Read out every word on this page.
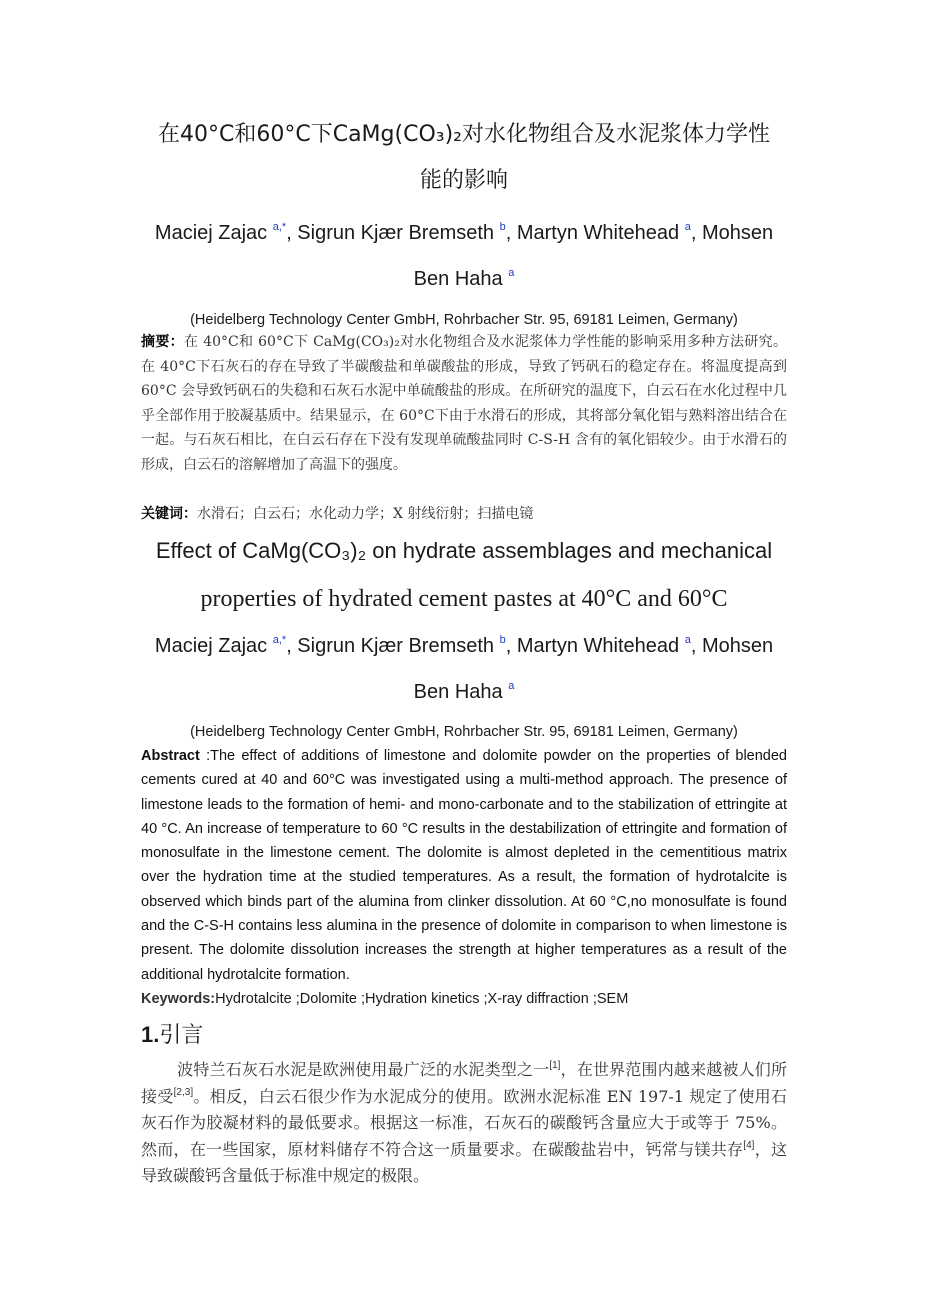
在40°C和60°C下CaMg(CO₃)₂对水化物组合及水泥浆体力学性
能的影响
Maciej Zajac $^{a,*}$, Sigrun Kjær Bremseth $^b$, Martyn Whitehead $^a$, Mohsen
Ben Haha $^a$
(Heidelberg Technology Center GmbH, Rohrbacher Str. 95, 69181 Leimen, Germany)
摘要：在 40°C和 60°C下 CaMg(CO₃)₂对水化物组合及水泥浆体力学性能的影响采用多种方法研究。在 40°C下石灰石的存在导致了半碳酸盐和单碳酸盐的形成，导致了钙矾石的稳定存在。将温度提高到 60°C 会导致钙矾石的失稳和石灰石水泥中单硫酸盐的形成。在所研究的温度下，白云石在水化过程中几乎全部作用于胶凝基质中。结果显示，在 60°C下由于水滑石的形成，其将部分氧化铝与熟料溶出结合在一起。与石灰石相比，在白云石存在下没有发现单硫酸盐同时 C-S-H 含有的氧化铝较少。由于水滑石的形成，白云石的溶解增加了高温下的强度。
关键词：水滑石；白云石；水化动力学；X 射线衍射；扫描电镜
Effect of CaMg(CO₃)₂ on hydrate assemblages and mechanical
properties of hydrated cement pastes at 40°C and 60°C
Maciej Zajac $^{a,*}$, Sigrun Kjær Bremseth $^b$, Martyn Whitehead $^a$, Mohsen
Ben Haha $^a$
(Heidelberg Technology Center GmbH, Rohrbacher Str. 95, 69181 Leimen, Germany)
Abstract :The effect of additions of limestone and dolomite powder on the properties of blended cements cured at 40 and 60°C was investigated using a multi-method approach. The presence of limestone leads to the formation of hemi- and mono-carbonate and to the stabilization of ettringite at 40 °C. An increase of temperature to 60 °C results in the destabilization of ettringite and formation of monosulfate in the limestone cement. The dolomite is almost depleted in the cementitious matrix over the hydration time at the studied temperatures. As a result, the formation of hydrotalcite is observed which binds part of the alumina from clinker dissolution. At 60 °C,no monosulfate is found and the C-S-H contains less alumina in the presence of dolomite in comparison to when limestone is present. The dolomite dissolution increases the strength at higher temperatures as a result of the additional hydrotalcite formation.
Keywords:Hydrotalcite ;Dolomite ;Hydration kinetics ;X-ray diffraction ;SEM
1.引言
波特兰石灰石水泥是欧洲使用最广泛的水泥类型之一[1]，在世界范围内越来越被人们所接受[2,3]。相反，白云石很少作为水泥成分的使用。欧洲水泥标准 EN 197-1 规定了使用石灰石作为胶凝材料的最低要求。根据这一标准，石灰石的碳酸钙含量应大于或等于 75%。然而，在一些国家，原材料储存不符合这一质量要求。在碳酸盐岩中，钙常与镁共存[4]，这导致碳酸钙含量低于标准中规定的极限。
